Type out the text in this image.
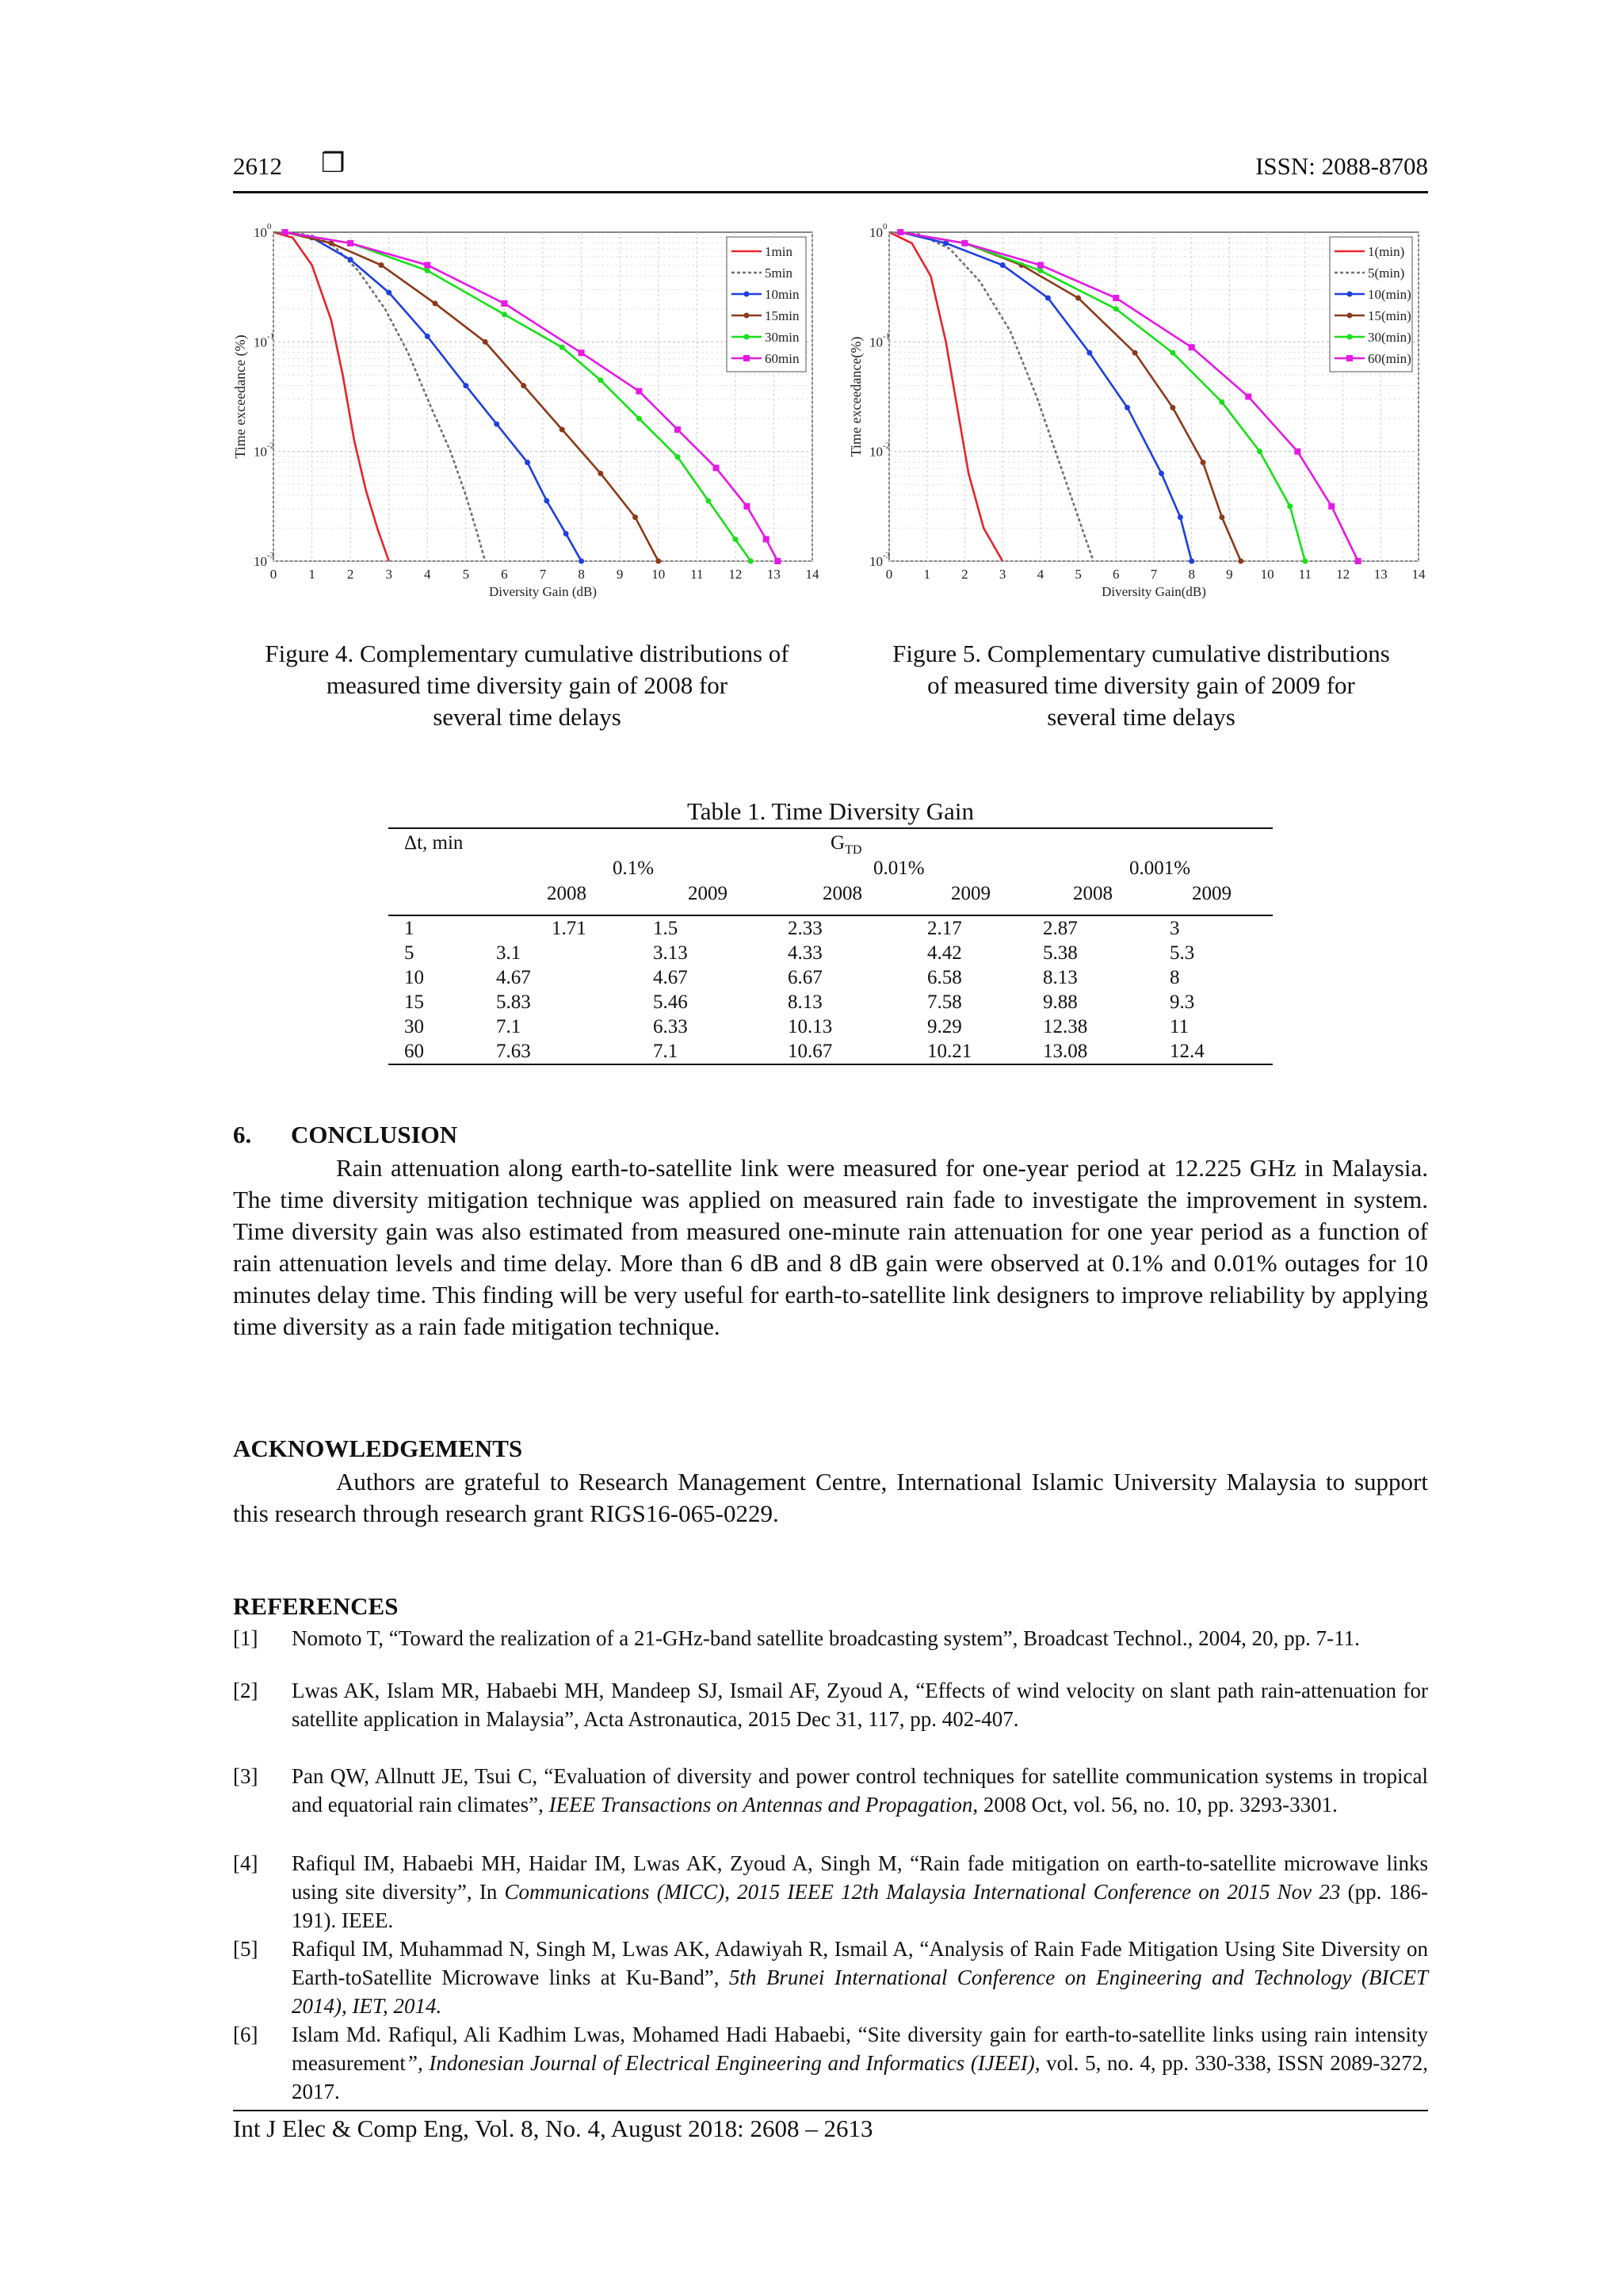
2612 ❒	ISSN: 2088-8708
0 1 2 3 4 5 6 7 8 9 10 11 12 13 14
10 0
10 -1
10 -2
10 -3
Diversity Gain (dB)
Time exceedance (%)
1min
5min
10min
15min
30min
60min
0 1 2 3 4 5 6 7 8 9 10 11 12 13 14
10 0
10 -1
10 -2
10 -3
Diversity Gain(dB)
Time exceedance(%)
1(min)
5(min)
10(min)
15(min)
30(min)
60(min)
Figure 4. Complementary cumulative distributions of
measured time diversity gain of 2008 for
several time delays
Figure 5. Complementary cumulative distributions
of measured time diversity gain of 2009 for
several time delays
Table 1. Time Diversity Gain
Δt, min	$G_{TD}$
0.1%	0.01%	0.001%
2008	2009	2008	2009	2008	2009
1	1.71	1.5	2.33	2.17	2.87	3
5	3.1	3.13	4.33	4.42	5.38	5.3
10	4.67	4.67	6.67	6.58	8.13	8
15	5.83	5.46	8.13	7.58	9.88	9.3
30	7.1	6.33	10.13	9.29	12.38	11
60	7.63	7.1	10.67	10.21	13.08	12.4
6. CONCLUSION
Rain attenuation along earth-to-satellite link were measured for one-year period at 12.225 GHz in Malaysia. The time diversity mitigation technique was applied on measured rain fade to investigate the improvement in system. Time diversity gain was also estimated from measured one-minute rain attenuation for one year period as a function of rain attenuation levels and time delay. More than 6 dB and 8 dB gain were observed at 0.1% and 0.01% outages for 10 minutes delay time. This finding will be very useful for earth-to-satellite link designers to improve reliability by applying time diversity as a rain fade mitigation technique.
ACKNOWLEDGEMENTS
Authors are grateful to Research Management Centre, International Islamic University Malaysia to support this research through research grant RIGS16-065-0229.
REFERENCES
[1] Nomoto T, “Toward the realization of a 21-GHz-band satellite broadcasting system”, Broadcast Technol., 2004, 20, pp. 7-11.
[2] Lwas AK, Islam MR, Habaebi MH, Mandeep SJ, Ismail AF, Zyoud A, “Effects of wind velocity on slant path rain-attenuation for satellite application in Malaysia”, Acta Astronautica, 2015 Dec 31, 117, pp. 402-407.
[3] Pan QW, Allnutt JE, Tsui C, “Evaluation of diversity and power control techniques for satellite communication systems in tropical and equatorial rain climates”, IEEE Transactions on Antennas and Propagation, 2008 Oct, vol. 56, no. 10, pp. 3293-3301.
[4] Rafiqul IM, Habaebi MH, Haidar IM, Lwas AK, Zyoud A, Singh M, “Rain fade mitigation on earth-to-satellite microwave links using site diversity”, In Communications (MICC), 2015 IEEE 12th Malaysia International Conference on 2015 Nov 23 (pp. 186-191). IEEE.
[5] Rafiqul IM, Muhammad N, Singh M, Lwas AK, Adawiyah R, Ismail A, “Analysis of Rain Fade Mitigation Using Site Diversity on Earth-toSatellite Microwave links at Ku-Band”, 5th Brunei International Conference on Engineering and Technology (BICET 2014), IET, 2014.
[6] Islam Md. Rafiqul, Ali Kadhim Lwas, Mohamed Hadi Habaebi, “Site diversity gain for earth-to-satellite links using rain intensity measurement”, Indonesian Journal of Electrical Engineering and Informatics (IJEEI), vol. 5, no. 4, pp. 330-338, ISSN 2089-3272, 2017.
Int J Elec & Comp Eng, Vol. 8, No. 4, August 2018: 2608 – 2613
